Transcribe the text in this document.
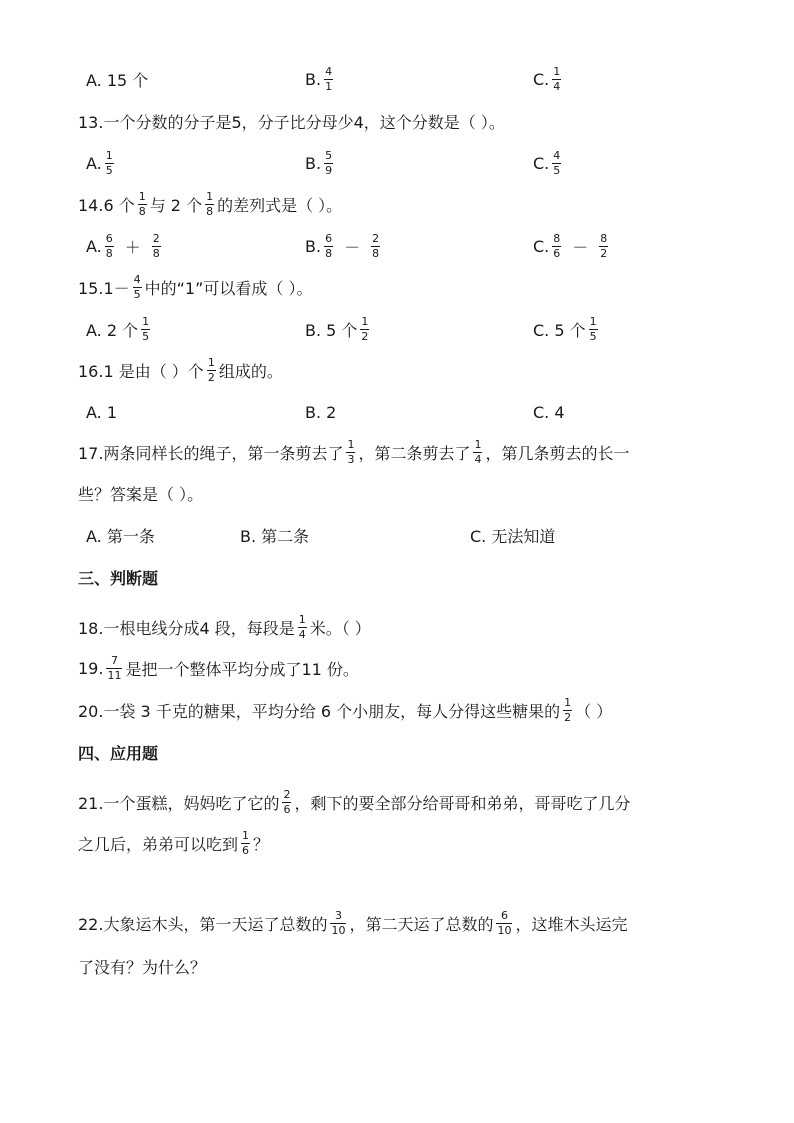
A. 15 个	B. $\frac{4}{1}$	C. $\frac{1}{4}$
13.一个分数的分子是5，分子比分母少4，这个分数是（ ）。
A. $\frac{1}{5}$	B. $\frac{5}{9}$	C. $\frac{4}{5}$
14.6 个 $\frac{1}{8}$ 与 2 个 $\frac{1}{8}$ 的差列式是（ ）。
A. $\frac{6}{8} + \frac{2}{8}$	B. $\frac{6}{8} - \frac{2}{8}$	C. $\frac{8}{6} - \frac{8}{2}$
$15.1- \frac{4}{5}$ 中的“1”可以看成（ ）。
A. 2 个 $\frac{1}{5}$	B. 5 个 $\frac{1}{2}$	C. 5 个 $\frac{1}{5}$
16.1 是由（ ）个 $\frac{1}{2}$ 组成的。
A. 1	B. 2	C. 4
17.两条同样长的绳子，第一条剪去了 $\frac{1}{3}$ ，第二条剪去了 $\frac{1}{4}$ ，第几条剪去的长一
些？答案是（ ）。
A. 第一条	B. 第二条	C. 无法知道
三、判断题
18.一根电线分成4 段，每段是 $\frac{1}{4}$ 米。（ ）
19. $\frac{7}{11}$ 是把一个整体平均分成了11 份。
20.一袋 3 千克的糖果，平均分给 6 个小朋友，每人分得这些糖果的 $\frac{1}{2}$ （ ）
四、应用题
21.一个蛋糕，妈妈吃了它的 $\frac{2}{6}$ ，剩下的要全部分给哥哥和弟弟，哥哥吃了几分
之几后，弟弟可以吃到 $\frac{1}{6}$ ？
22.大象运木头，第一天运了总数的 $\frac{3}{10}$ ，第二天运了总数的 $\frac{6}{10}$ ，这堆木头运完
了没有？为什么？
